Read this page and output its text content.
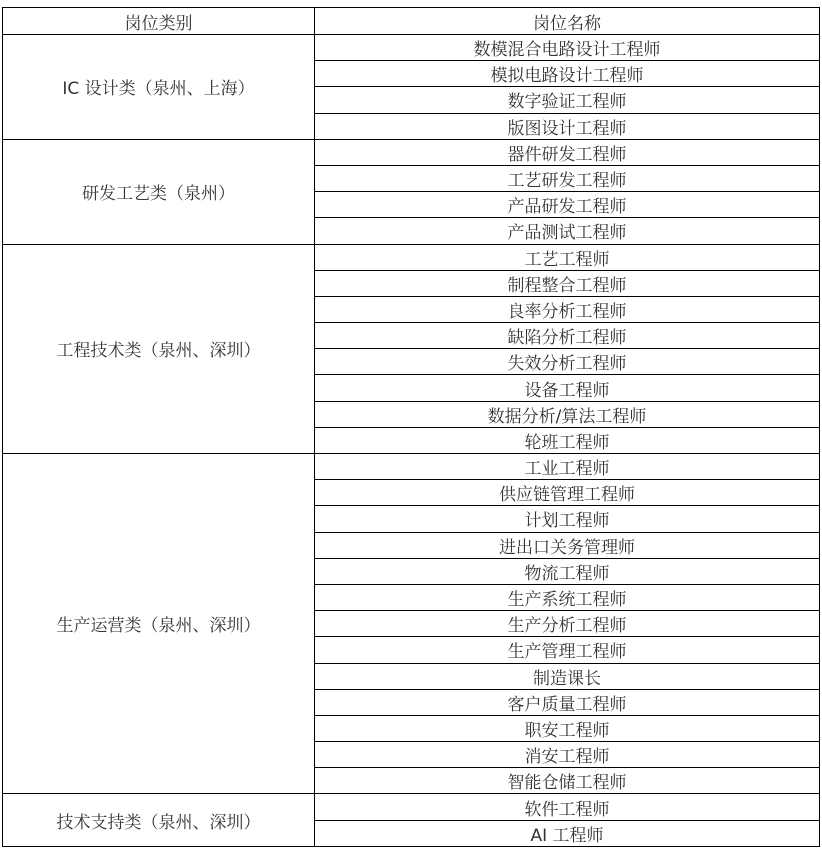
岗位类别	岗位名称
IC 设计类（泉州、上海）	数模混合电路设计工程师
	模拟电路设计工程师
	数字验证工程师
	版图设计工程师
研发工艺类（泉州）	器件研发工程师
	工艺研发工程师
	产品研发工程师
	产品测试工程师
工程技术类（泉州、深圳）	工艺工程师
	制程整合工程师
	良率分析工程师
	缺陷分析工程师
	失效分析工程师
	设备工程师
	数据分析/算法工程师
	轮班工程师
生产运营类（泉州、深圳）	工业工程师
	供应链管理工程师
	计划工程师
	进出口关务管理师
	物流工程师
	生产系统工程师
	生产分析工程师
	生产管理工程师
	制造课长
	客户质量工程师
	职安工程师
	消安工程师
	智能仓储工程师
技术支持类（泉州、深圳）	软件工程师
	AI 工程师
